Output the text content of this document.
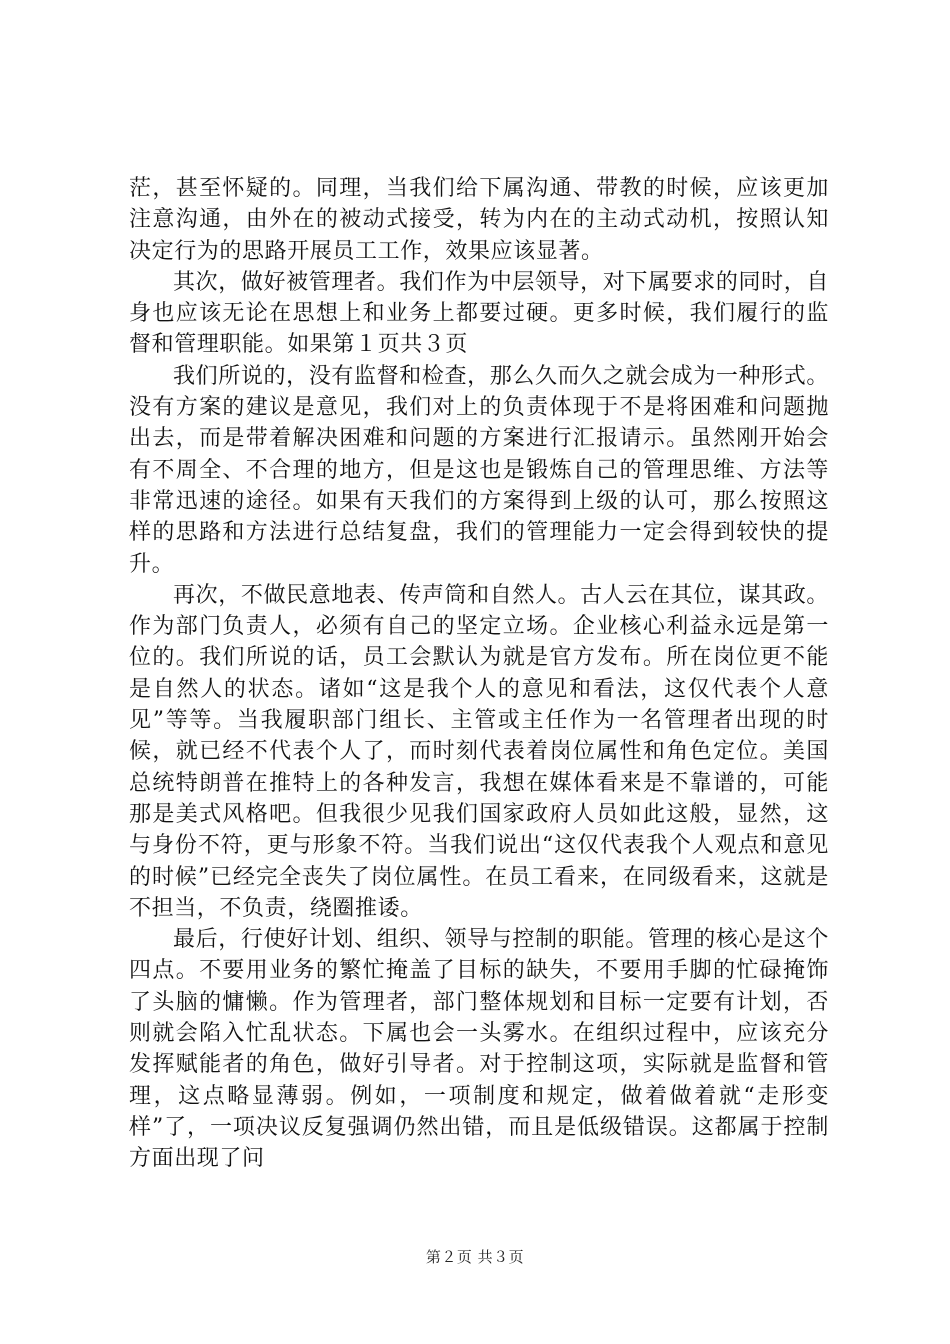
茫，甚至怀疑的。同理，当我们给下属沟通、带教的时候，应该更加注意沟通，由外在的被动式接受，转为内在的主动式动机，按照认知决定行为的思路开展员工工作，效果应该显著。

其次，做好被管理者。我们作为中层领导，对下属要求的同时，自身也应该无论在思想上和业务上都要过硬。更多时候，我们履行的监督和管理职能。如果第１页共３页

我们所说的，没有监督和检查，那么久而久之就会成为一种形式。没有方案的建议是意见，我们对上的负责体现于不是将困难和问题抛出去，而是带着解决困难和问题的方案进行汇报请示。虽然刚开始会有不周全、不合理的地方，但是这也是锻炼自己的管理思维、方法等非常迅速的途径。如果有天我们的方案得到上级的认可，那么按照这样的思路和方法进行总结复盘，我们的管理能力一定会得到较快的提升。

再次，不做民意地表、传声筒和自然人。古人云在其位，谋其政。作为部门负责人，必须有自己的坚定立场。企业核心利益永远是第一位的。我们所说的话，员工会默认为就是官方发布。所在岗位更不能是自然人的状态。诸如“这是我个人的意见和看法，这仅代表个人意见”等等。当我履职部门组长、主管或主任作为一名管理者出现的时候，就已经不代表个人了，而时刻代表着岗位属性和角色定位。美国总统特朗普在推特上的各种发言，我想在媒体看来是不靠谱的，可能那是美式风格吧。但我很少见我们国家政府人员如此这般，显然，这与身份不符，更与形象不符。当我们说出“这仅代表我个人观点和意见的时候”已经完全丧失了岗位属性。在员工看来，在同级看来，这就是不担当，不负责，绕圈推诿。

最后，行使好计划、组织、领导与控制的职能。管理的核心是这个四点。不要用业务的繁忙掩盖了目标的缺失，不要用手脚的忙碌掩饰了头脑的慵懒。作为管理者，部门整体规划和目标一定要有计划，否则就会陷入忙乱状态。下属也会一头雾水。在组织过程中，应该充分发挥赋能者的角色，做好引导者。对于控制这项，实际就是监督和管理，这点略显薄弱。例如，一项制度和规定，做着做着就“走形变样”了，一项决议反复强调仍然出错，而且是低级错误。这都属于控制方面出现了问

第２页 共３页
